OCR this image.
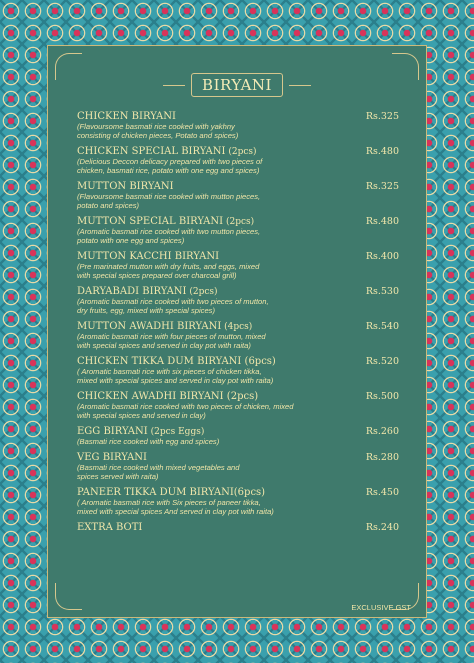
BIRYANI
CHICKEN BIRYANI	Rs.325
(Flavoursome basmati rice cooked with yakhny
consisting of chicken pieces, Potato and spices)
CHICKEN SPECIAL BIRYANI (2pcs)	Rs.480
(Delicious Deccon delicacy prepared with two pieces of
chicken, basmati rice, potato with one egg and spices)
MUTTON BIRYANI	Rs.325
(Flavoursome basmati rice cooked with mutton pieces,
potato and spices)
MUTTON SPECIAL BIRYANI (2pcs)	Rs.480
(Aromatic basmati rice cooked with two mutton pieces,
potato with one egg and spices)
MUTTON KACCHI BIRYANI	Rs.400
(Pre marinated mutton with dry fruits, and eggs, mixed
with special spices prepared over charcoal grill)
DARYABADI BIRYANI (2pcs)	Rs.530
(Aromatic basmati rice cooked with two pieces of mutton,
dry fruits, egg, mixed with special spices)
MUTTON AWADHI BIRYANI (4pcs)	Rs.540
(Aromatic basmati rice with four pieces of mutton, mixed
with special spices and served in clay pot with raita)
CHICKEN TIKKA DUM BIRYANI (6pcs)	Rs.520
( Aromatic basmati rice with six pieces of chicken tikka,
mixed with special spices and served in clay pot with raita)
CHICKEN AWADHI BIRYANI (2pcs)	Rs.500
(Aromatic basmati rice cooked with two pieces of chicken, mixed
with special spices and served in clay)
EGG BIRYANI (2pcs Eggs)	Rs.260
(Basmati rice cooked with egg and spices)
VEG BIRYANI	Rs.280
(Basmati rice cooked with mixed vegetables and
spices served with raita)
PANEER TIKKA DUM BIRYANI(6pcs)	Rs.450
( Aromatic basmati rice with Six pieces of paneer tikka,
mixed with special spices And served in clay pot with raita)
EXTRA BOTI	Rs.240
EXCLUSIVE GST
